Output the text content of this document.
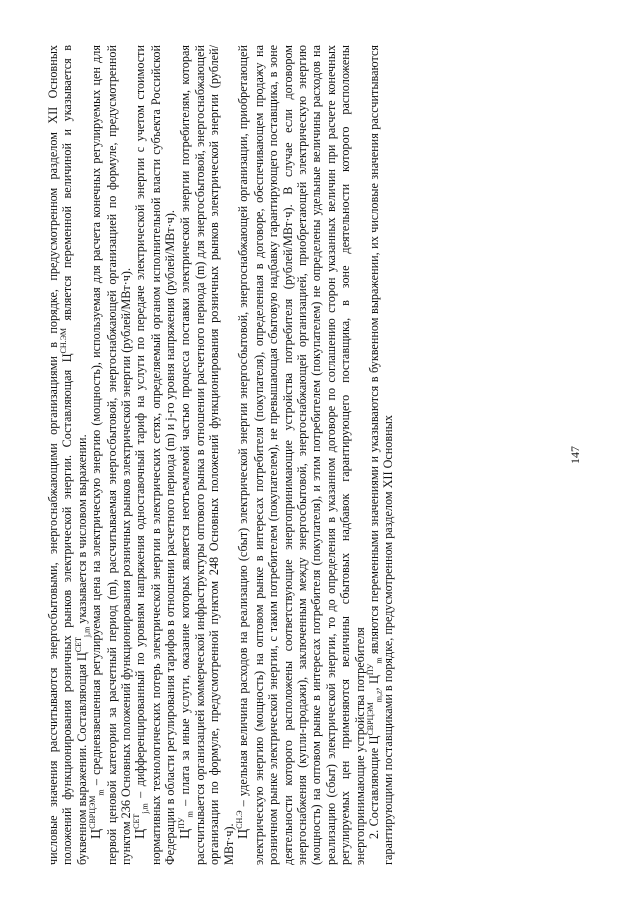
числовые значения рассчитываются энергосбытовыми, энергоснабжающими организациями в порядке, предусмотренном разделом XII Основных положений функционирования розничных рынков электрической энергии. Составляющая $Ц^{СН.ЭМ}$ является переменной величиной и указывается в буквенном выражении. Составляющая $Ц^{СЕТ}_{j,m}$ указывается в числовом выражении.

$Ц^{СВРЦЭМ}_m$ – средневзвешенная регулируемая цена на электрическую энергию (мощность), используемая для расчета конечных регулируемых цен для первой ценовой категории за расчетный период (m), рассчитываемая энергосбытовой, энергоснабжающей организацией по формуле, предусмотренной пунктом 236 Основных положений функционирования розничных рынков электрической энергии (рублей/МВт·ч). $Ц^{СЕТ}_{j,m}$ – дифференцированный по уровням напряжения одноставочный тариф на услуги по передаче электрической энергии с учетом стоимости нормативных технологических потерь электрической энергии в электрических сетях, определяемый органом исполнительной власти субъекта Российской Федерации в области регулирования тарифов в отношении расчетного периода (m) и j-го уровня напряжения (рублей/МВт·ч). $Ц^{ПУ}_m$ – плата за иные услуги, оказание которых является неотъемлемой частью процесса поставки электрической энергии потребителям, которая рассчитывается организацией коммерческой инфраструктуры оптового рынка в отношении расчетного периода (m) для энергосбытовой, энергоснабжающей организации по формуле, предусмотренной пунктом 248 Основных положений функционирования розничных рынков электрической энергии (рублей/МВт·ч). $Ц^{СН.Э}$ – удельная величина расходов на реализацию (сбыт) электрической энергии энергосбытовой, энергоснабжающей организации, приобретающей электрическую энергию (мощность) на оптовом рынке в интересах потребителя (покупателя), определенная в договоре, обеспечивающем продажу на розничном рынке электрической энергии, с таким потребителем (покупателем), не превышающая сбытовую надбавку гарантирующего поставщика, в зоне деятельности которого расположены соответствующие энергопринимающие устройства потребителя (рублей/МВт·ч). В случае если договором энергоснабжения (купли-продажи), заключенным между энергосбытовой, энергоснабжающей организацией, приобретающей электрическую энергию (мощность) на оптовом рынке в интересах потребителя (покупателя), и этим потребителем (покупателем) не определены удельные величины расходов на реализацию (сбыт) электрической энергии, то до определения в указанном договоре по соглашению сторон указанных величин при расчете конечных регулируемых цен применяются величины сбытовых надбавок гарантирующего поставщика, в зоне деятельности которого расположены энергопринимающие устройства потребителя 2. Составляющие $Ц^{СВРЦЭМ}_{m,z}$, $Ц^{ПУ}_m$ являются переменными значениями и указываются в буквенном выражении, их числовые значения рассчитываются гарантирующими поставщиками в порядке, предусмотренном разделом XII Основных	147
